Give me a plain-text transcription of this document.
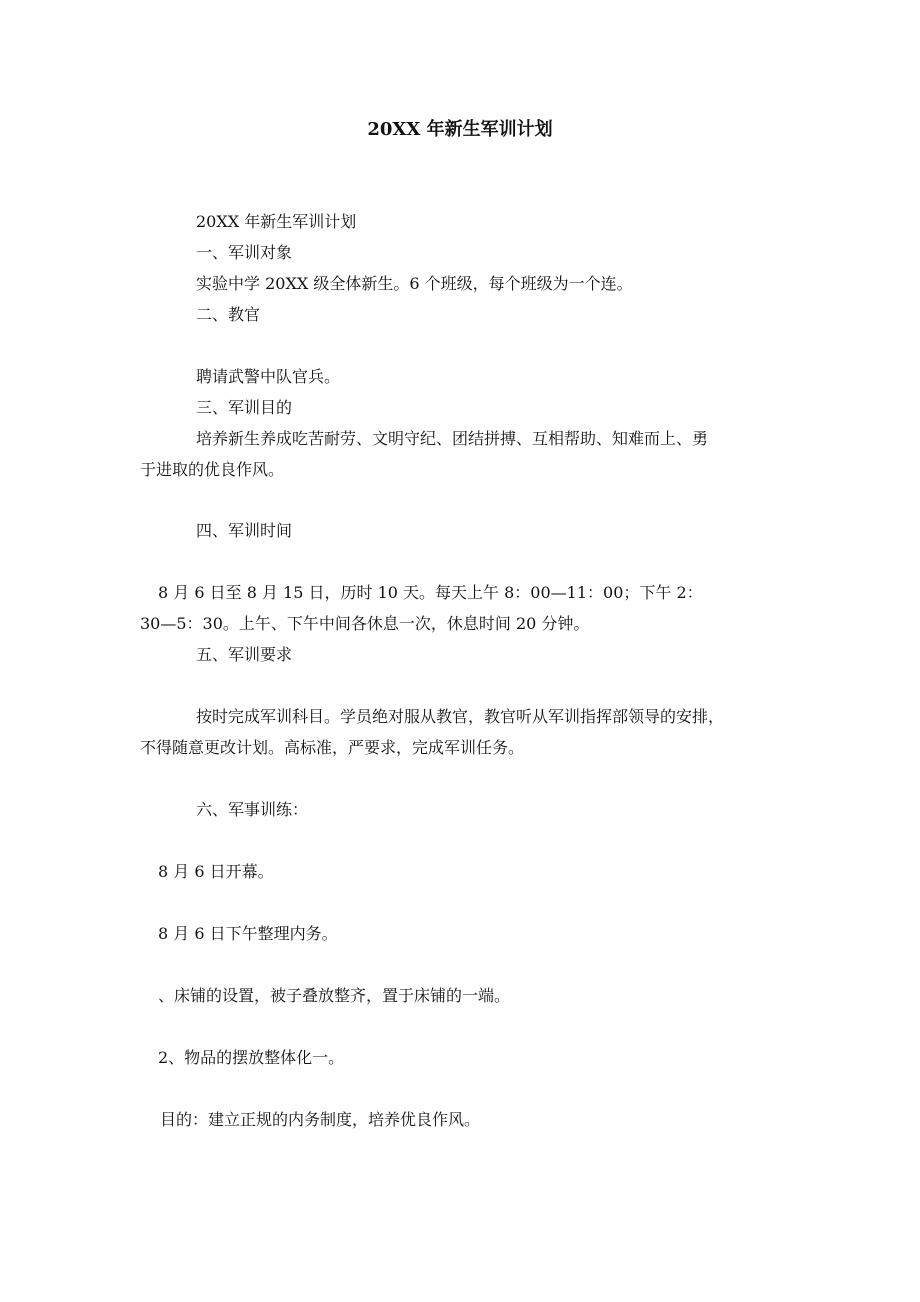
20XX 年新生军训计划
20XX 年新生军训计划
一、军训对象
实验中学 20XX 级全体新生。6 个班级，每个班级为一个连。
二、教官
聘请武警中队官兵。
三、军训目的
培养新生养成吃苦耐劳、文明守纪、团结拼搏、互相帮助、知难而上、勇
于进取的优良作风。
四、军训时间
8 月 6 日至 8 月 15 日，历时 10 天。每天上午 8：00—11：00；下午 2：
30—5：30。上午、下午中间各休息一次，休息时间 20 分钟。
五、军训要求
按时完成军训科目。学员绝对服从教官，教官听从军训指挥部领导的安排，
不得随意更改计划。高标准，严要求，完成军训任务。
六、军事训练：
8 月 6 日开幕。
8 月 6 日下午整理内务。
、床铺的设置，被子叠放整齐，置于床铺的一端。
2、物品的摆放整体化一。
目的：建立正规的内务制度，培养优良作风。
